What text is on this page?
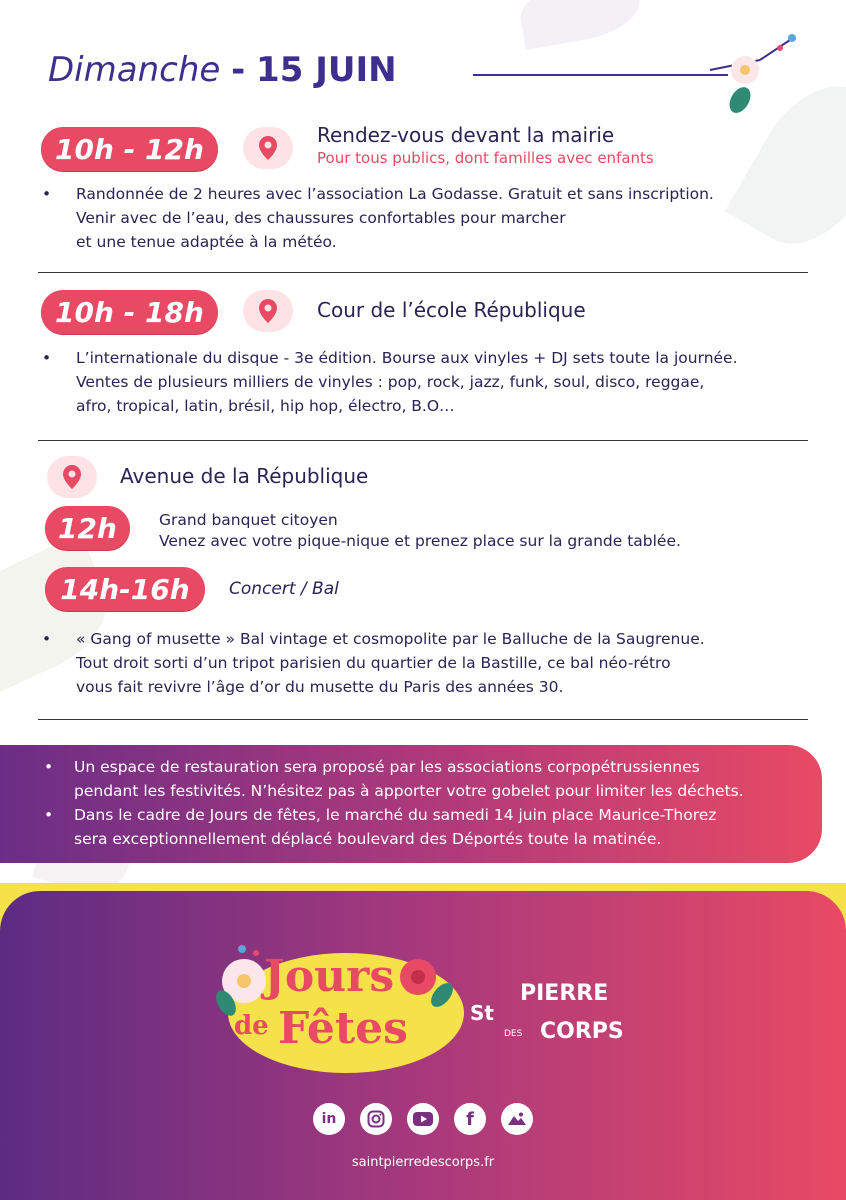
Dimanche - 15 JUIN
10h - 12h	Rendez-vous devant la mairie
Pour tous publics, dont familles avec enfants
•	Randonnée de 2 heures avec l’association La Godasse. Gratuit et sans inscription.
Venir avec de l’eau, des chaussures confortables pour marcher
et une tenue adaptée à la météo.
10h - 18h	Cour de l’école République
•	L’internationale du disque - 3e édition. Bourse aux vinyles + DJ sets toute la journée.
Ventes de plusieurs milliers de vinyles : pop, rock, jazz, funk, soul, disco, reggae,
afro, tropical, latin, brésil, hip hop, électro, B.O…
Avenue de la République
12h	Grand banquet citoyen
Venez avec votre pique-nique et prenez place sur la grande tablée.
14h-16h Concert / Bal
•	« Gang of musette » Bal vintage et cosmopolite par le Balluche de la Saugrenue.
Tout droit sorti d’un tripot parisien du quartier de la Bastille, ce bal néo-rétro
vous fait revivre l’âge d’or du musette du Paris des années 30.
•	Un espace de restauration sera proposé par les associations corpopétrussiennes
pendant les festivités. N’hésitez pas à apporter votre gobelet pour limiter les déchets.
•	Dans le cadre de Jours de fêtes, le marché du samedi 14 juin place Maurice-Thorez
sera exceptionnellement déplacé boulevard des Déportés toute la matinée.
Jours
de Fêtes	St
PIERRE
DES CORPS
in	f
saintpierredescorps.fr
